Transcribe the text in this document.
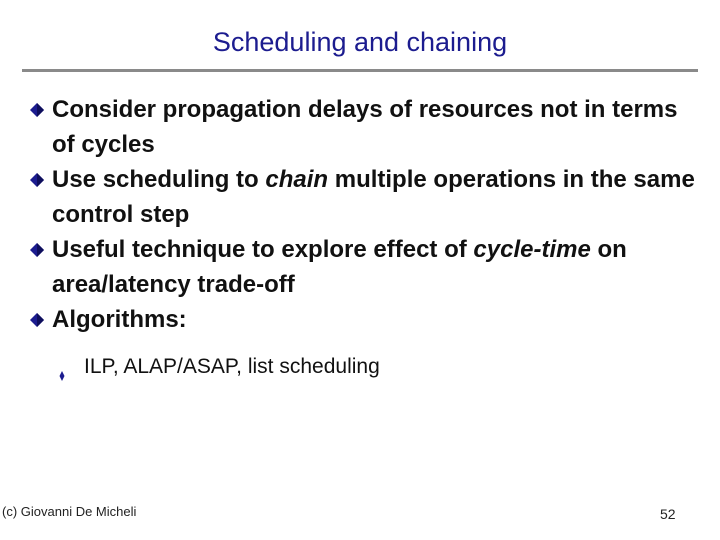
Scheduling and chaining
Consider propagation delays of resources not in terms of cycles
Use scheduling to chain multiple operations in the same control step
Useful technique to explore effect of cycle-time on area/latency trade-off
Algorithms:
ILP, ALAP/ASAP, list scheduling
(c) Giovanni De Micheli	52
